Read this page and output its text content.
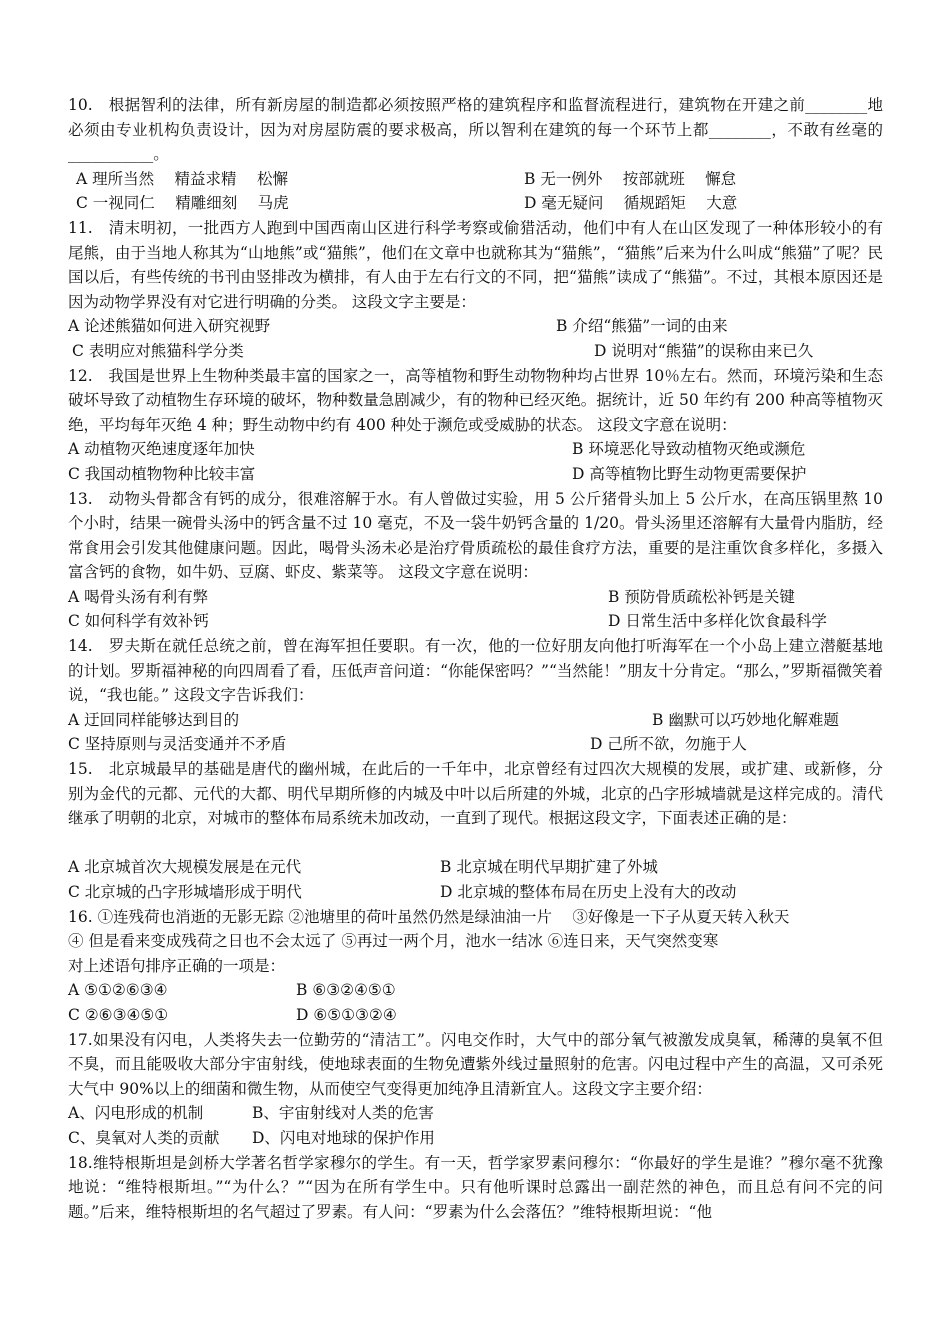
10.　根据智利的法律，所有新房屋的制造都必须按照严格的建筑程序和监督流程进行，建筑物在开建之前________地必须由专业机构负责设计，因为对房屋防震的要求极高，所以智利在建筑的每一个环节上都________，不敢有丝毫的___________。

A 理所当然　 精益求精　 松懈	B 无一例外　 按部就班　 懈怠
C 一视同仁　 精雕细刻　 马虎	D 毫无疑问　 循规蹈矩　 大意

11.　清末明初，一批西方人跑到中国西南山区进行科学考察或偷猎活动，他们中有人在山区发现了一种体形较小的有尾熊，由于当地人称其为“山地熊”或“猫熊”，他们在文章中也就称其为“猫熊”，“猫熊”后来为什么叫成“熊猫”了呢？民国以后，有些传统的书刊由竖排改为横排，有人由于左右行文的不同，把“猫熊”读成了“熊猫”。不过，其根本原因还是因为动物学界没有对它进行明确的分类。 这段文字主要是：

A 论述熊猫如何进入研究视野	B 介绍“熊猫”一词的由来
C 表明应对熊猫科学分类	D 说明对“熊猫”的误称由来已久

12.　我国是世界上生物种类最丰富的国家之一，高等植物和野生动物物种均占世界 10％左右。然而，环境污染和生态破坏导致了动植物生存环境的破坏，物种数量急剧减少，有的物种已经灭绝。据统计，近 50 年约有 200 种高等植物灭绝，平均每年灭绝 4 种；野生动物中约有 400 种处于濒危或受威胁的状态。 这段文字意在说明：

A 动植物灭绝速度逐年加快	B 环境恶化导致动植物灭绝或濒危
C 我国动植物物种比较丰富	D 高等植物比野生动物更需要保护

13.　动物头骨都含有钙的成分，很难溶解于水。有人曾做过实验，用 5 公斤猪骨头加上 5 公斤水，在高压锅里熬 10 个小时，结果一碗骨头汤中的钙含量不过 10 毫克，不及一袋牛奶钙含量的 1/20。骨头汤里还溶解有大量骨内脂肪，经常食用会引发其他健康问题。因此，喝骨头汤未必是治疗骨质疏松的最佳食疗方法，重要的是注重饮食多样化，多摄入富含钙的食物，如牛奶、豆腐、虾皮、紫菜等。 这段文字意在说明：

A 喝骨头汤有利有弊	B 预防骨质疏松补钙是关键
C 如何科学有效补钙	D 日常生活中多样化饮食最科学

14.　罗夫斯在就任总统之前，曾在海军担任要职。有一次，他的一位好朋友向他打听海军在一个小岛上建立潜艇基地的计划。罗斯福神秘的向四周看了看，压低声音问道：“你能保密吗？”“当然能！”朋友十分肯定。“那么，”罗斯福微笑着说，“我也能。” 这段文字告诉我们：

A 迂回同样能够达到目的	B 幽默可以巧妙地化解难题
C 坚持原则与灵活变通并不矛盾	D 己所不欲，勿施于人

15.　北京城最早的基础是唐代的幽州城，在此后的一千年中，北京曾经有过四次大规模的发展，或扩建、或新修，分别为金代的元都、元代的大都、明代早期所修的内城及中叶以后所建的外城，北京的凸字形城墙就是这样完成的。清代继承了明朝的北京，对城市的整体布局系统未加改动，一直到了现代。根据这段文字，下面表述正确的是：

A 北京城首次大规模发展是在元代	B 北京城在明代早期扩建了外城
C 北京城的凸字形城墙形成于明代	D 北京城的整体布局在历史上没有大的改动
16. ①连残荷也消逝的无影无踪 ②池塘里的荷叶虽然仍然是绿油油一片　 ③好像是一下子从夏天转入秋天
④ 但是看来变成残荷之日也不会太远了 ⑤再过一两个月，池水一结冰 ⑥连日来，天气突然变寒
对上述语句排序正确的一项是：
A ⑤①②⑥③④	B ⑥③②④⑤①
C ②⑥③④⑤①	D ⑥⑤①③②④

17.如果没有闪电，人类将失去一位勤劳的“清洁工”。闪电交作时，大气中的部分氧气被激发成臭氧，稀薄的臭氧不但不臭，而且能吸收大部分宇宙射线，使地球表面的生物免遭紫外线过量照射的危害。闪电过程中产生的高温，又可杀死大气中 90%以上的细菌和微生物，从而使空气变得更加纯净且清新宜人。这段文字主要介绍：

A、闪电形成的机制	B、宇宙射线对人类的危害
C、臭氧对人类的贡献 D、闪电对地球的保护作用

18.维特根斯坦是剑桥大学著名哲学家穆尔的学生。有一天，哲学家罗素问穆尔：“你最好的学生是谁？”穆尔毫不犹豫地说：“维特根斯坦。”“为什么？”“因为在所有学生中。只有他听课时总露出一副茫然的神色，而且总有问不完的问题。”后来，维特根斯坦的名气超过了罗素。有人问：“罗素为什么会落伍？”维特根斯坦说：“他
